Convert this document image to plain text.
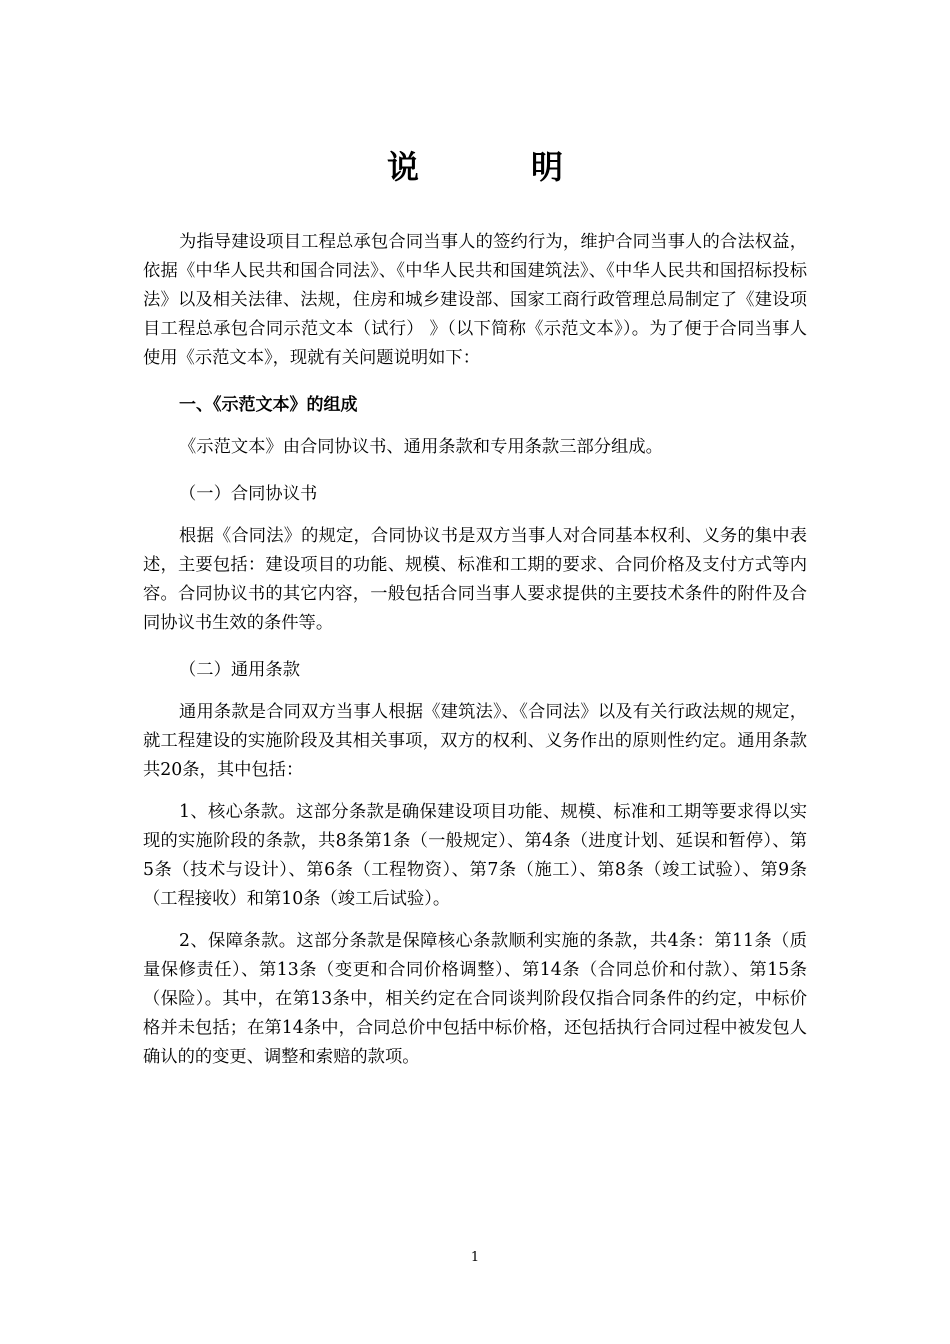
说　明

为指导建设项目工程总承包合同当事人的签约行为，维护合同当事人的合法权益，依据《中华人民共和国合同法》、《中华人民共和国建筑法》、《中华人民共和国招标投标法》以及相关法律、法规，住房和城乡建设部、国家工商行政管理总局制定了《建设项目工程总承包合同示范文本（试行） 》（以下简称《示范文本》）。为了便于合同当事人使用《示范文本》，现就有关问题说明如下：

一、《示范文本》的组成

《示范文本》由合同协议书、通用条款和专用条款三部分组成。

（一）合同协议书

根据《合同法》的规定，合同协议书是双方当事人对合同基本权利、义务的集中表述，主要包括：建设项目的功能、规模、标准和工期的要求、合同价格及支付方式等内容。合同协议书的其它内容，一般包括合同当事人要求提供的主要技术条件的附件及合同协议书生效的条件等。

（二）通用条款

通用条款是合同双方当事人根据《建筑法》、《合同法》以及有关行政法规的规定，就工程建设的实施阶段及其相关事项，双方的权利、义务作出的原则性约定。通用条款共20条，其中包括：

1、核心条款。这部分条款是确保建设项目功能、规模、标准和工期等要求得以实现的实施阶段的条款，共8条第1条（一般规定）、第4条（进度计划、延误和暂停）、第5条（技术与设计）、第6条（工程物资）、第7条（施工）、第8条（竣工试验）、第9条（工程接收）和第10条（竣工后试验）。

2、保障条款。这部分条款是保障核心条款顺利实施的条款，共4条：第11条（质量保修责任）、第13条（变更和合同价格调整）、第14条（合同总价和付款）、第15条（保险）。其中，在第13条中，相关约定在合同谈判阶段仅指合同条件的约定，中标价格并未包括；在第14条中，合同总价中包括中标价格，还包括执行合同过程中被发包人确认的的变更、调整和索赔的款项。

1
